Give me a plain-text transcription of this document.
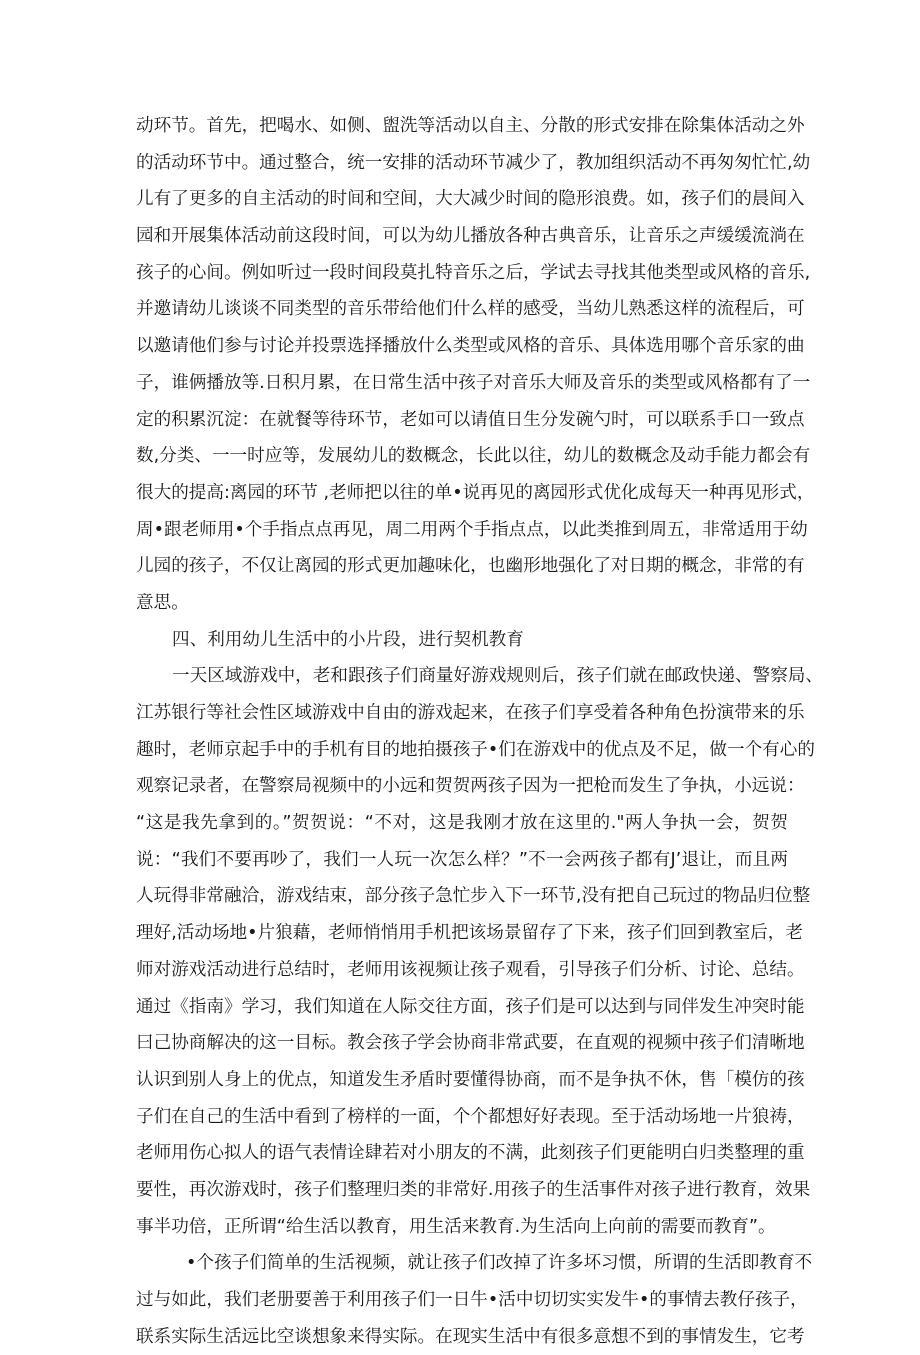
动环节。首先，把喝水、如侧、盥洗等活动以自主、分散的形式安排在除集体活动之外
的活动环节中。通过整合，统一安排的活动环节减少了，教加组织活动不再匆匆忙忙,幼
儿有了更多的自主活动的时间和空间，大大减少时间的隐形浪费。如，孩子们的晨间入
园和开展集体活动前这段时间，可以为幼儿播放各种古典音乐，让音乐之声缓缓流淌在
孩子的心间。例如听过一段时间段莫扎特音乐之后，学试去寻找其他类型或风格的音乐,
并邀请幼儿谈谈不同类型的音乐带给他们什么样的感受，当幼儿熟悉这样的流程后，可
以邀请他们参与讨论并投票选择播放什么类型或风格的音乐、具体选用哪个音乐家的曲
子，谁俩播放等.日积月累，在日常生活中孩子对音乐大师及音乐的类型或风格都有了一
定的积累沉淀：在就餐等待环节，老如可以请值日生分发碗勺时，可以联系手口一致点
数,分类、一一时应等，发展幼儿的数概念，长此以往，幼儿的数概念及动手能力都会有
很大的提高:离园的环节 ,老师把以往的单•说再见的离园形式优化成每天一种再见形式，
周•跟老师用•个手指点点再见，周二用两个手指点点，以此类推到周五，非常适用于幼
儿园的孩子，不仅让离园的形式更加趣味化，也幽形地强化了对日期的概念，非常的有
意思。
四、利用幼儿生活中的小片段，进行契机教育
一天区域游戏中，老和跟孩子们商量好游戏规则后，孩子们就在邮政快递、警察局、
江苏银行等社会性区域游戏中自由的游戏起来，在孩子们享受着各种角色扮演带来的乐
趣时，老师京起手中的手机有目的地拍摄孩子•们在游戏中的优点及不足，做一个有心的
观察记录者，在警察局视频中的小远和贺贺两孩子因为一把枪而发生了争执，小远说：
“这是我先拿到的。”贺贺说：“不对，这是我刚才放在这里的."两人争执一会，贺贺
说：“我们不要再吵了，我们一人玩一次怎么样？”不一会两孩子都有J’退让，而且两
人玩得非常融洽，游戏结束，部分孩子急忙步入下一环节,没有把自己玩过的物品归位整
理好,活动场地•片狼藉，老师悄悄用手机把该场景留存了下来，孩子们回到教室后，老
师对游戏活动进行总结时，老师用该视频让孩子观看，引导孩子们分析、讨论、总结。
通过《指南》学习，我们知道在人际交往方面，孩子们是可以达到与同伴发生冲突时能
曰己协商解决的这一目标。教会孩子学会协商非常武要，在直观的视频中孩子们清晰地
认识到别人身上的优点，知道发生矛盾时要懂得协商，而不是争执不休，售「模仿的孩
子们在自己的生活中看到了榜样的一面，个个都想好好表现。至于活动场地一片狼祷，
老师用伤心拟人的语气表情诠肆若对小朋友的不满，此刻孩子们更能明白归类整理的重
要性，再次游戏时，孩子们整理归类的非常好.用孩子的生活事件对孩子进行教育，效果
事半功倍，正所谓“给生活以教育，用生活来教育.为生活向上向前的需要而教育”。
•个孩子们简单的生活视频，就让孩子们改掉了许多坏习惯，所谓的生活即教育不
过与如此，我们老册要善于利用孩子们一日牛•活中切切实实发牛•的事情去教仔孩子，
联系实际生活远比空谈想象来得实际。在现实生活中有很多意想不到的事情发生，它考
